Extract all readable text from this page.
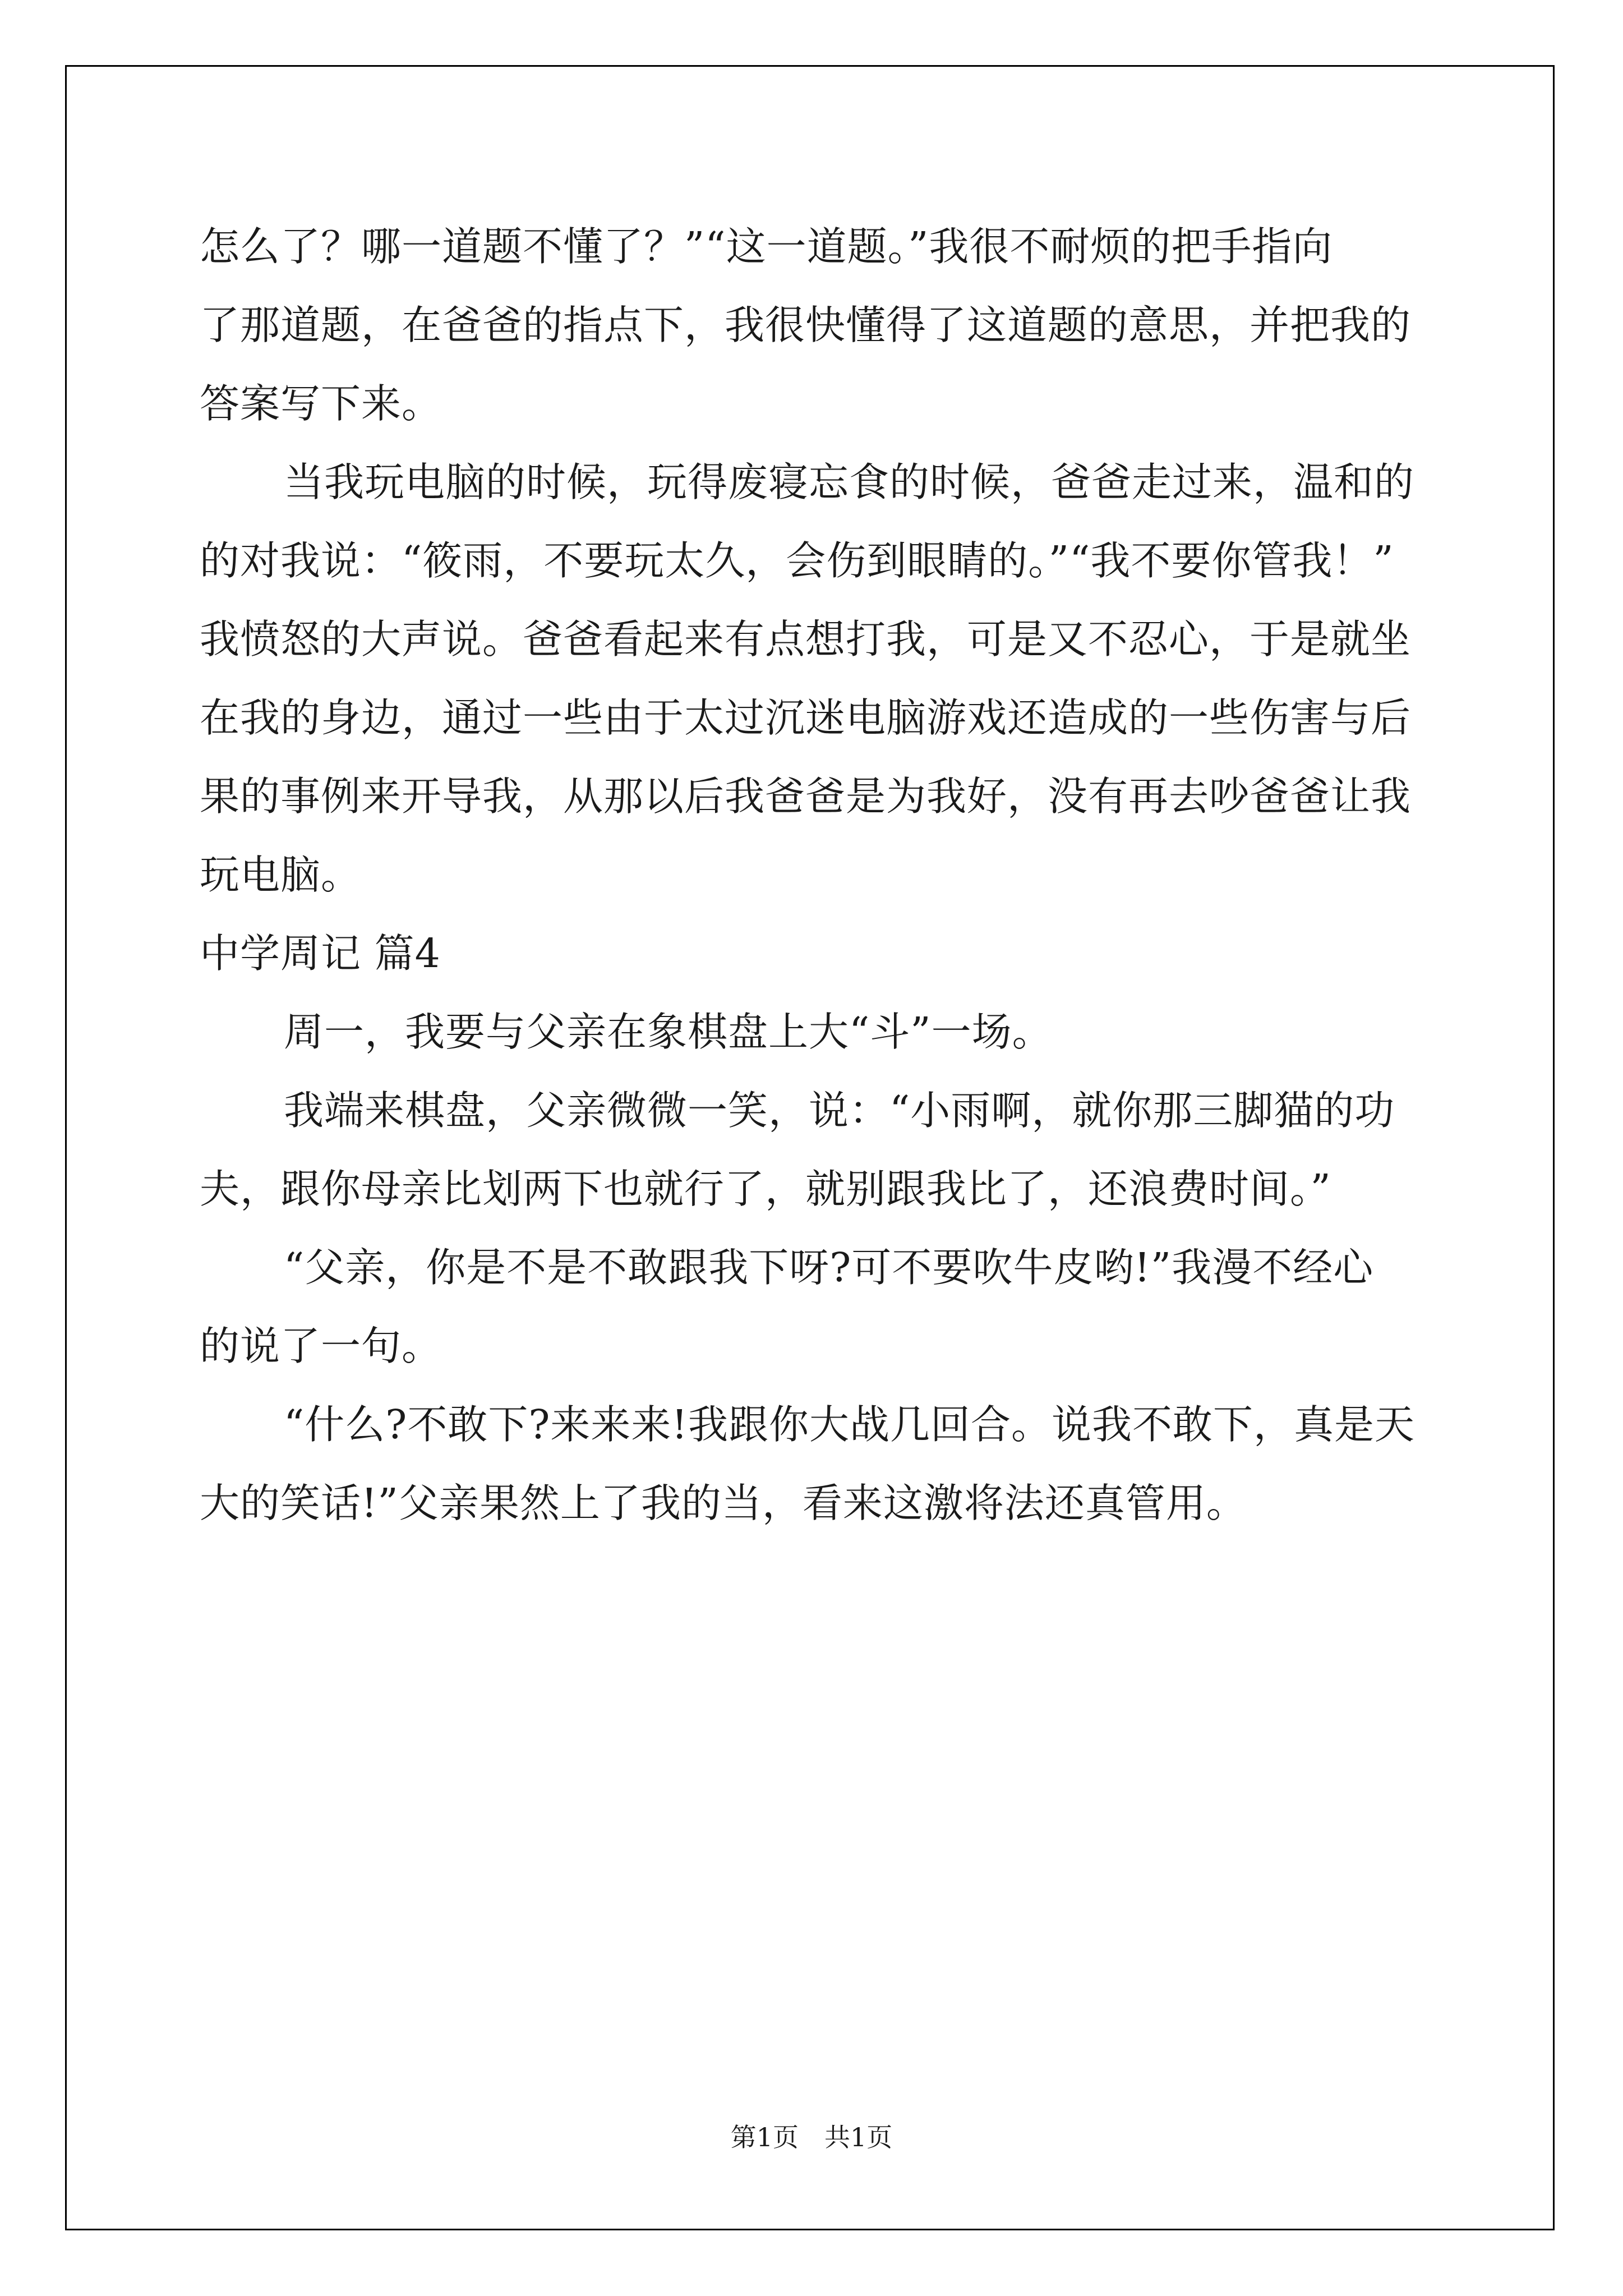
怎么了？哪一道题不懂了？”“这一道题。”我很不耐烦的把手指向
了那道题，在爸爸的指点下，我很快懂得了这道题的意思，并把我的
答案写下来。
当我玩电脑的时候，玩得废寝忘食的时候，爸爸走过来，温和的
的对我说：“筱雨，不要玩太久，会伤到眼睛的。”“我不要你管我！”
我愤怒的大声说。爸爸看起来有点想打我，可是又不忍心，于是就坐
在我的身边，通过一些由于太过沉迷电脑游戏还造成的一些伤害与后
果的事例来开导我，从那以后我爸爸是为我好，没有再去吵爸爸让我
玩电脑。
中学周记 篇4
周一，我要与父亲在象棋盘上大“斗”一场。
我端来棋盘，父亲微微一笑，说：“小雨啊，就你那三脚猫的功
夫，跟你母亲比划两下也就行了，就别跟我比了，还浪费时间。”
“父亲，你是不是不敢跟我下呀?可不要吹牛皮哟!”我漫不经心
的说了一句。
“什么?不敢下?来来来!我跟你大战几回合。说我不敢下，真是天
大的笑话!”父亲果然上了我的当，看来这激将法还真管用。
第1页　共1页
